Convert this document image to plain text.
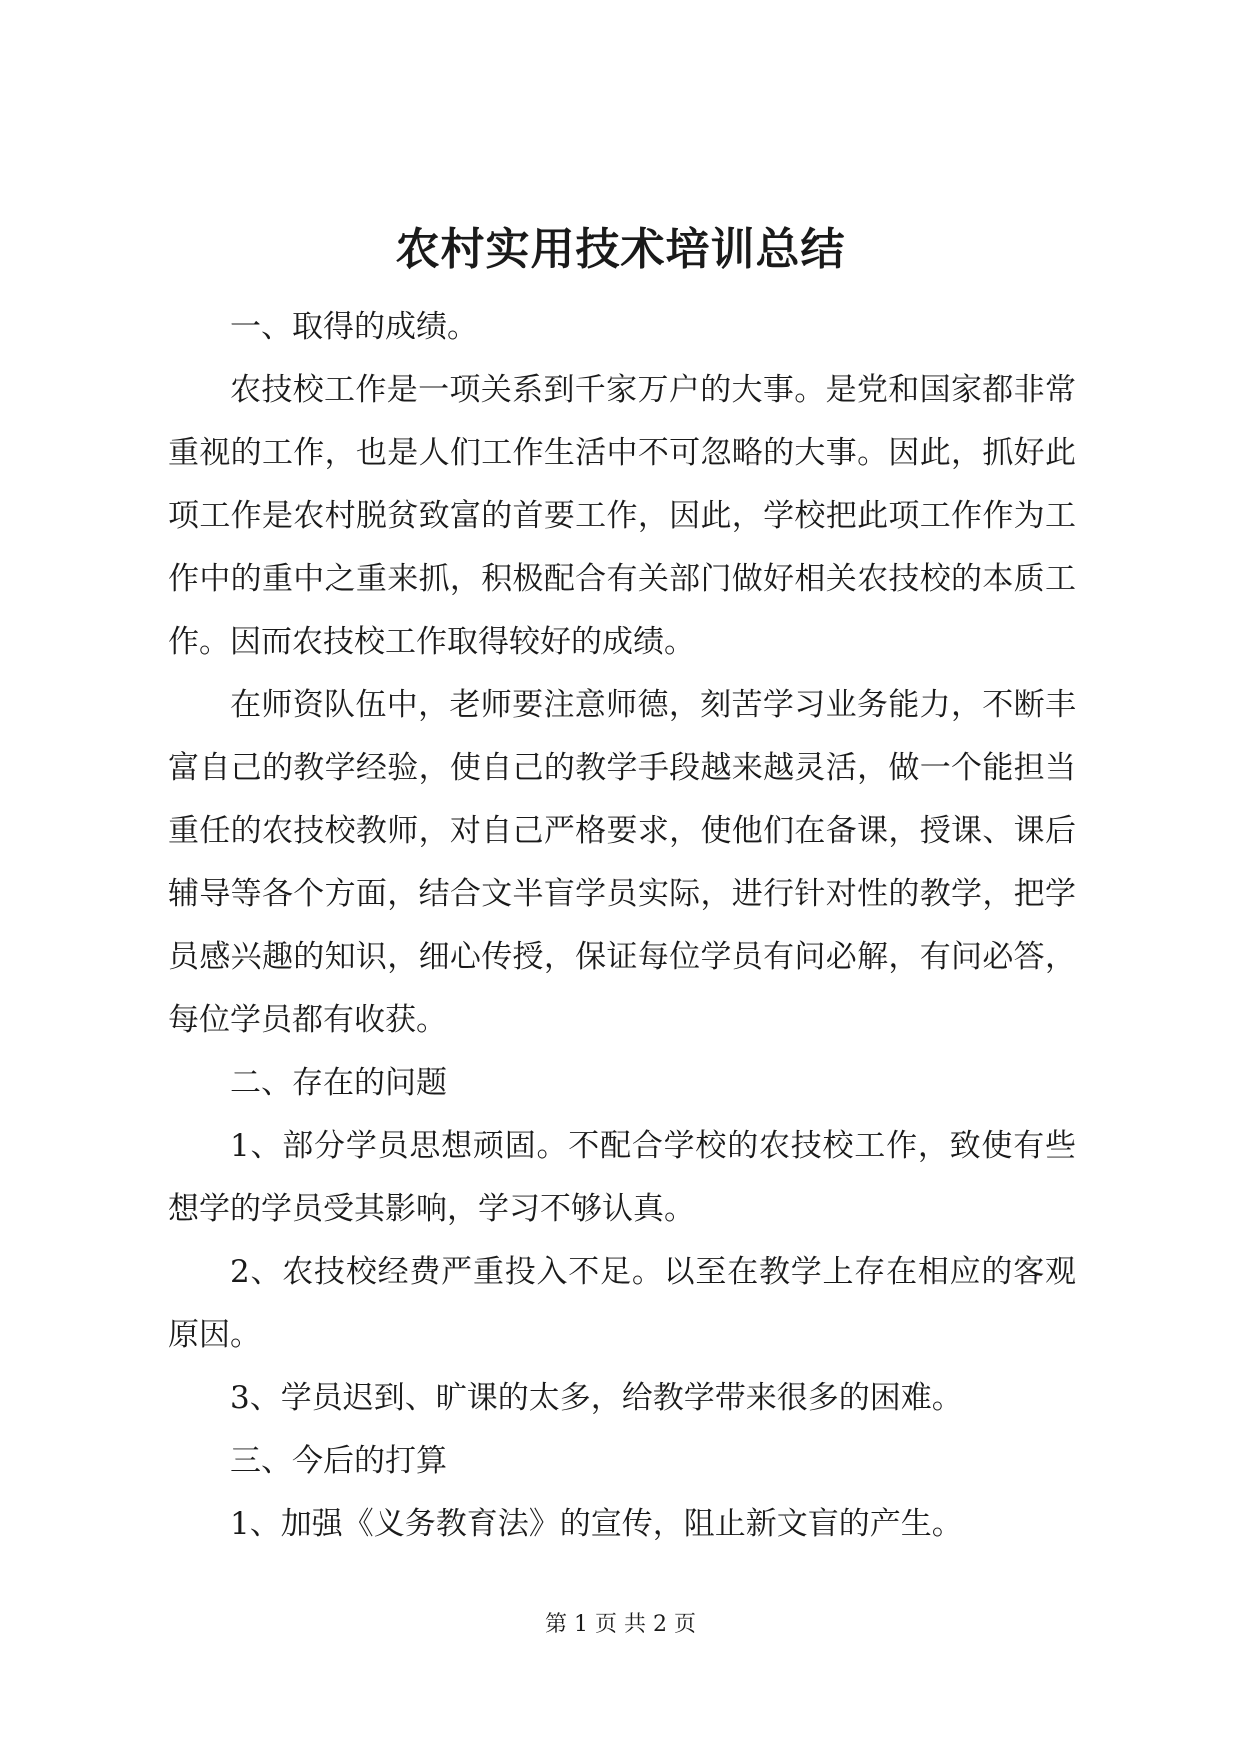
农村实用技术培训总结

一、取得的成绩。

农技校工作是一项关系到千家万户的大事。是党和国家都非常重视的工作，也是人们工作生活中不可忽略的大事。因此，抓好此项工作是农村脱贫致富的首要工作，因此，学校把此项工作作为工作中的重中之重来抓，积极配合有关部门做好相关农技校的本质工作。因而农技校工作取得较好的成绩。

在师资队伍中，老师要注意师德，刻苦学习业务能力，不断丰富自己的教学经验，使自己的教学手段越来越灵活，做一个能担当重任的农技校教师，对自己严格要求，使他们在备课，授课、课后辅导等各个方面，结合文半盲学员实际，进行针对性的教学，把学员感兴趣的知识，细心传授，保证每位学员有问必解，有问必答，每位学员都有收获。

二、存在的问题

1、部分学员思想顽固。不配合学校的农技校工作，致使有些想学的学员受其影响，学习不够认真。

2、农技校经费严重投入不足。以至在教学上存在相应的客观原因。

3、学员迟到、旷课的太多，给教学带来很多的困难。

三、今后的打算

1、加强《义务教育法》的宣传，阻止新文盲的产生。

第 1 页 共 2 页
